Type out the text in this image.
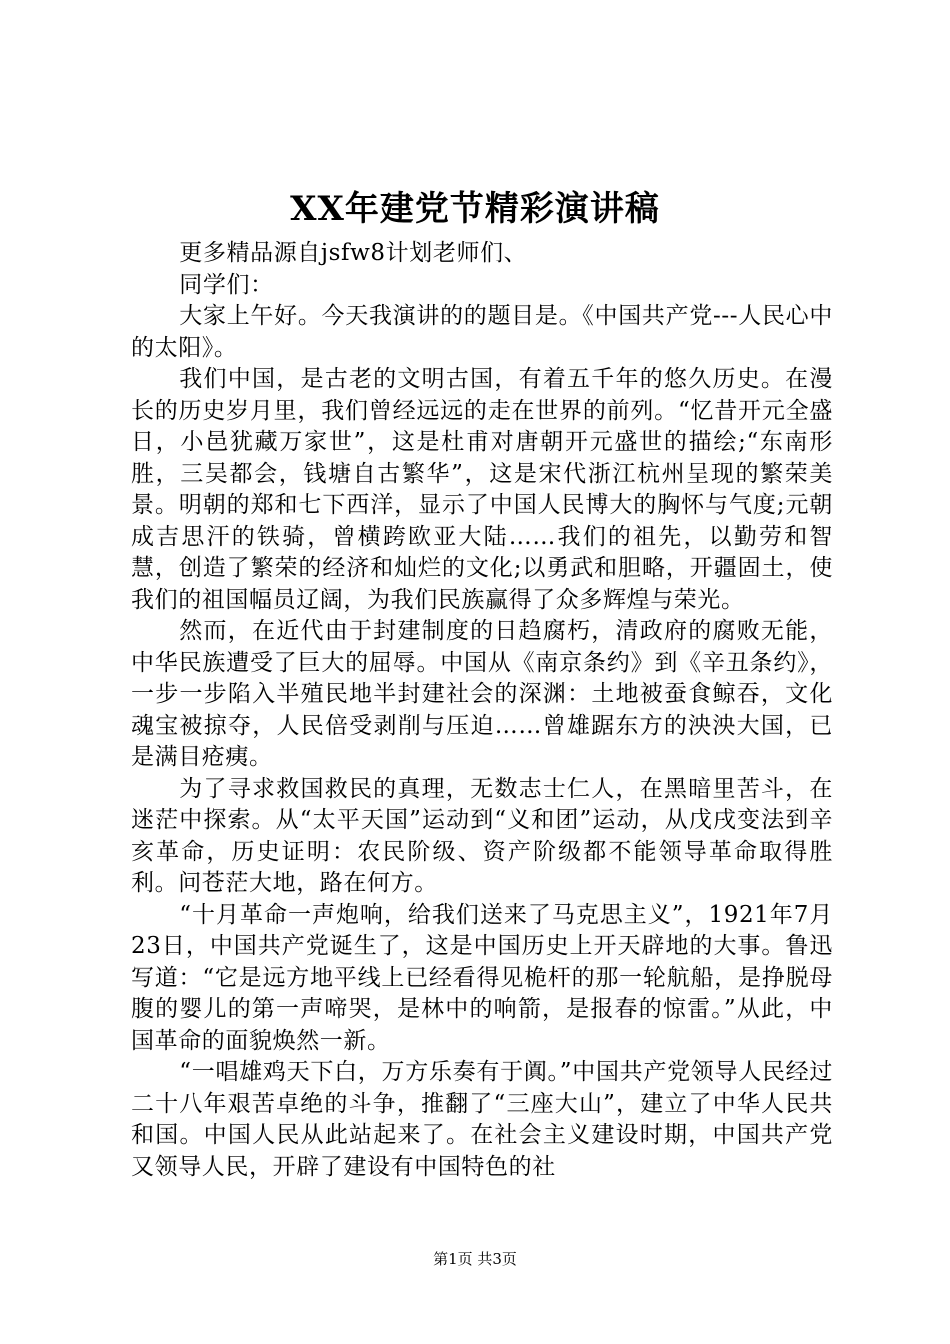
XX年建党节精彩演讲稿

更多精品源自jsfw8计划老师们、

同学们：

大家上午好。今天我演讲的的题目是。《中国共产党---人民心中的太阳》。

我们中国，是古老的文明古国，有着五千年的悠久历史。在漫长的历史岁月里，我们曾经远远的走在世界的前列。“忆昔开元全盛日，小邑犹藏万家世”，这是杜甫对唐朝开元盛世的描绘;“东南形胜，三吴都会，钱塘自古繁华”，这是宋代浙江杭州呈现的繁荣美景。明朝的郑和七下西洋，显示了中国人民博大的胸怀与气度;元朝成吉思汗的铁骑，曾横跨欧亚大陆……我们的祖先，以勤劳和智慧，创造了繁荣的经济和灿烂的文化;以勇武和胆略，开疆固土，使我们的祖国幅员辽阔，为我们民族赢得了众多辉煌与荣光。

然而，在近代由于封建制度的日趋腐朽，清政府的腐败无能，中华民族遭受了巨大的屈辱。中国从《南京条约》到《辛丑条约》，一步一步陷入半殖民地半封建社会的深渊：土地被蚕食鲸吞，文化魂宝被掠夺，人民倍受剥削与压迫……曾雄踞东方的泱泱大国，已是满目疮痍。

为了寻求救国救民的真理，无数志士仁人，在黑暗里苦斗，在迷茫中探索。从“太平天国”运动到“义和团”运动，从戊戌变法到辛亥革命，历史证明：农民阶级、资产阶级都不能领导革命取得胜利。问苍茫大地，路在何方。

“十月革命一声炮响，给我们送来了马克思主义”，1921年7月23日，中国共产党诞生了，这是中国历史上开天辟地的大事。鲁迅写道：“它是远方地平线上已经看得见桅杆的那一轮航船，是挣脱母腹的婴儿的第一声啼哭，是林中的响箭，是报春的惊雷。”从此，中国革命的面貌焕然一新。

“一唱雄鸡天下白，万方乐奏有于阗。”中国共产党领导人民经过二十八年艰苦卓绝的斗争，推翻了“三座大山”，建立了中华人民共和国。中国人民从此站起来了。在社会主义建设时期，中国共产党又领导人民，开辟了建设有中国特色的社

第1页 共3页
